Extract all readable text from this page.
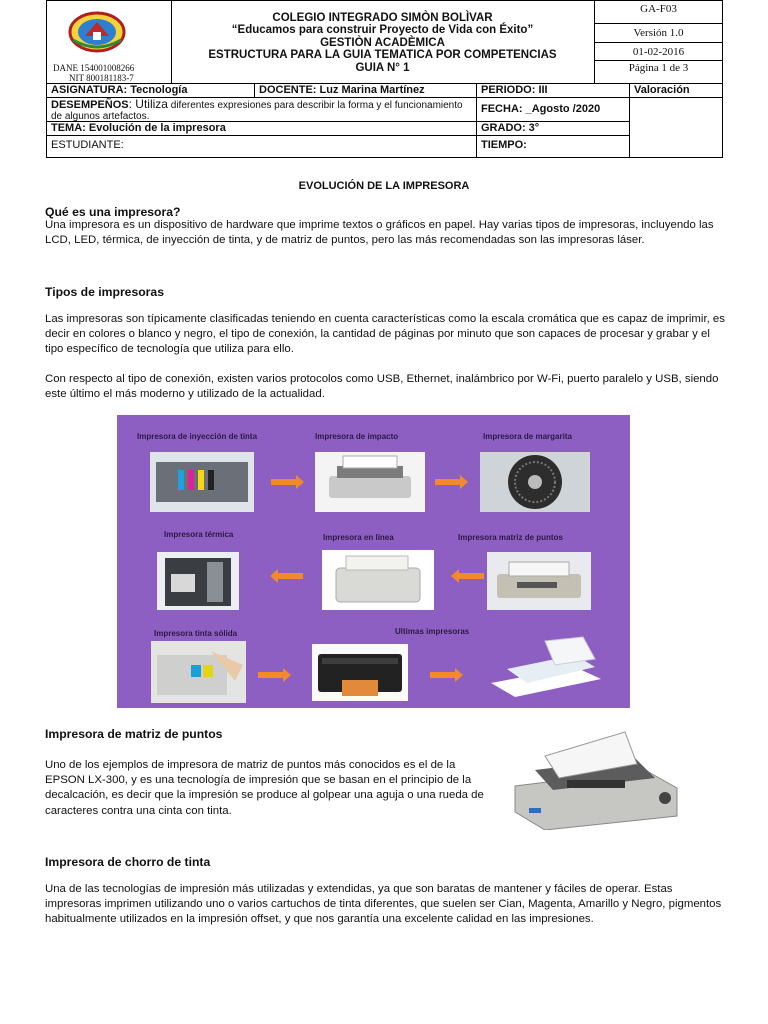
DANE 154001008266
NIT 800181183-7
COLEGIO INTEGRADO SIMÒN BOLÌVAR
“Educamos para construir Proyecto de Vida con Éxito”
GESTIÒN ACADÈMICA
ESTRUCTURA PARA LA GUIA TEMATICA POR COMPETENCIAS
GUIA N° 1
GA-F03
Versión 1.0
01-02-2016
Página 1 de 3
ASIGNATURA: Tecnología	DOCENTE: Luz Marina Martínez	PERIODO: III	Valoración
DESEMPEÑOS: Utiliza diferentes expresiones para describir la forma y el funcionamiento de algunos artefactos.
FECHA: _Agosto /2020
TEMA: Evolución de la impresora	GRADO: 3°
ESTUDIANTE:	TIEMPO:
EVOLUCIÓN DE LA IMPRESORA
Qué es una impresora?
Una impresora es un dispositivo de hardware que imprime textos o gráficos en papel. Hay varias tipos de impresoras, incluyendo las LCD, LED, térmica, de inyección de tinta, y de matriz de puntos, pero las más recomendadas son las impresoras láser.
Tipos de impresoras
Las impresoras son típicamente clasificadas teniendo en cuenta características como la escala cromática que es capaz de imprimir, es decir en colores o blanco y negro, el tipo de conexión, la cantidad de páginas por minuto que son capaces de procesar y grabar y el tipo específico de tecnología que utiliza para ello.
Con respecto al tipo de conexión, existen varios protocolos como USB, Ethernet, inalámbrico por W-Fi, puerto paralelo y USB, siendo este último el más moderno y utilizado de la actualidad.
Impresora de inyección de tinta	Impresora de impacto	Impresora de margarita
Impresora térmica	Impresora en línea	Impresora matriz de puntos
Impresora tinta sólida	Ultimas impresoras
Impresora de matriz de puntos
Uno de los ejemplos de impresora de matriz de puntos más conocidos es el de la EPSON LX-300, y es una tecnología de impresión que se basan en el principio de la decalcación, es decir que la impresión se produce al golpear una aguja o una rueda de caracteres contra una cinta con tinta.
Impresora de chorro de tinta
Una de las tecnologías de impresión más utilizadas y extendidas, ya que son baratas de mantener y fáciles de operar. Estas impresoras imprimen utilizando uno o varios cartuchos de tinta diferentes, que suelen ser Cian, Magenta, Amarillo y Negro, pigmentos habitualmente utilizados en la impresión offset, y que nos garantía una excelente calidad en las impresiones.
